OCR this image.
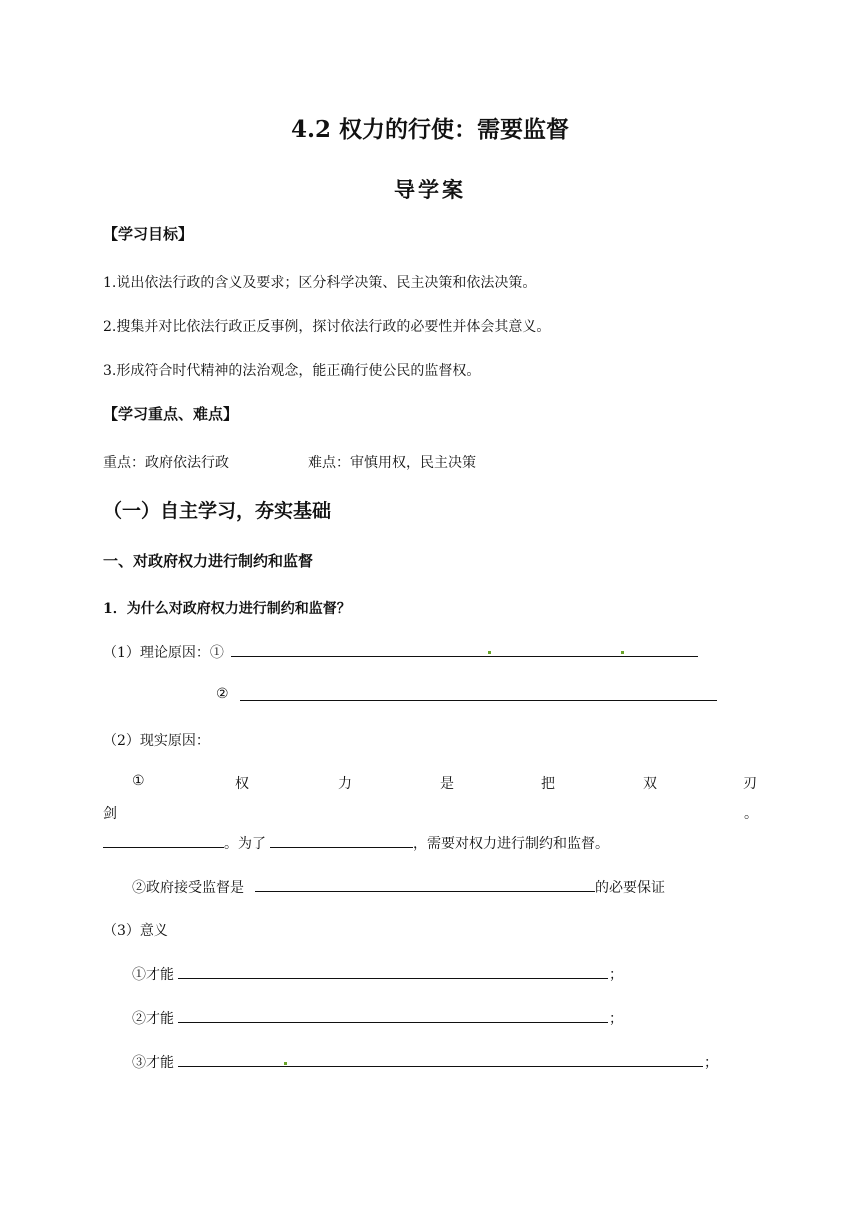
4.2 权力的行使：需要监督
导学案
【学习目标】
1.说出依法行政的含义及要求；区分科学决策、民主决策和依法决策。
2.搜集并对比依法行政正反事例，探讨依法行政的必要性并体会其意义。
3.形成符合时代精神的法治观念，能正确行使公民的监督权。
【学习重点、难点】
重点：政府依法行政	难点：审慎用权，民主决策
（一）自主学习，夯实基础
一、对政府权力进行制约和监督
1．为什么对政府权力进行制约和监督？
（1）理论原因：①
②
（2）现实原因：
①	权	力	是	把	双	刃
剑	。
。为了	，需要对权力进行制约和监督。
②政府接受监督是	的必要保证
（3）意义
①才能	；
②才能	；
③才能	；
